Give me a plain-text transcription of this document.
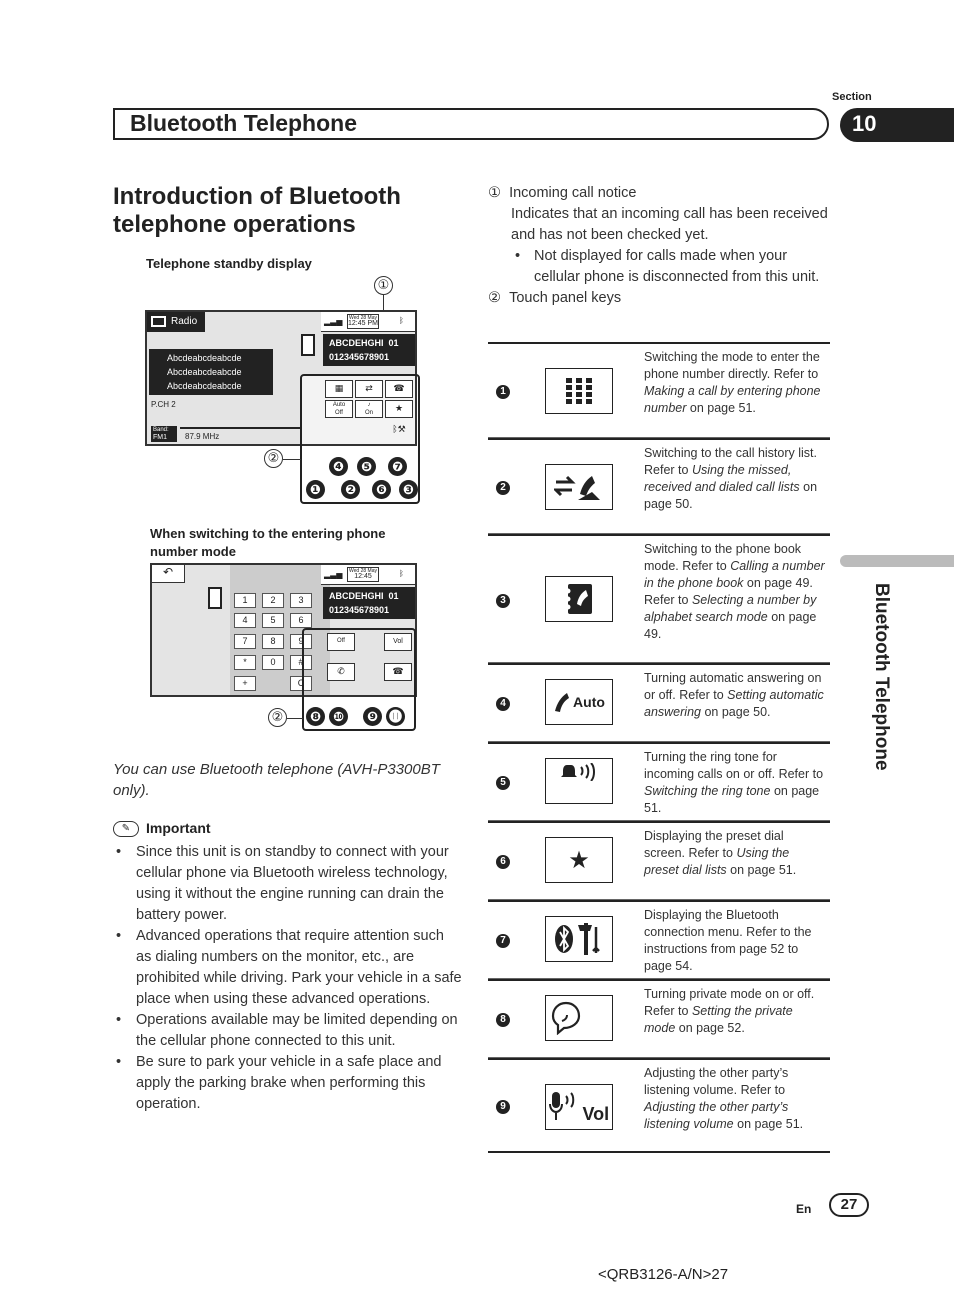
Section
Bluetooth Telephone	10
Bluetooth Telephone
Introduction of Bluetooth telephone operations
Telephone standby display
①
Radio
Abcdeabcdeabcde
Abcdeabcdeabcde
Abcdeabcdeabcde
P.CH 2
Band:
FM1	87.9 MHz
▂▃▅ Wed 28 May
12:45 PM	ᛒ
ABCDEHGHI 01
012345678901
▦	⇄	☎
Auto
Off
♪
On	★
ᛒ⚒
②
❶	❷	❻	❸
❹	❺	❼
When switching to the entering phone number mode
↶
1	2	3
4	5	6
7	8	9
*	0	#
+	C
▂▃▅ Wed 28 May
12:45	ᛒ
ABCDEHGHI 01
012345678901
Off	Vol
✆	☎
②	❽ ❿	❾ ⓫
You can use Bluetooth telephone (AVH-P3300BT only).
✎	Important
• Since this unit is on standby to connect with your cellular phone via Bluetooth wireless technology, using it without the engine running can drain the battery power.
• Advanced operations that require attention such as dialing numbers on the monitor, etc., are prohibited while driving. Park your vehicle in a safe place when using these advanced operations.
• Operations available may be limited depending on the cellular phone connected to this unit.
• Be sure to park your vehicle in a safe place and apply the parking brake when performing this operation.
① Incoming call notice
Indicates that an incoming call has been received and has not been checked yet.
• Not displayed for calls made when your cellular phone is disconnected from this unit.
② Touch panel keys
1
Switching the mode to enter the phone number directly. Refer to Making a call by entering phone number on page 51.
2
Switching to the call history list. Refer to Using the missed, received and dialed call lists on page 50.
3
Switching to the phone book mode. Refer to Calling a number in the phone book on page 49. Refer to Selecting a number by alphabet search mode on page 49.
4	Auto
Turning automatic answering on or off. Refer to Setting automatic answering on page 50.
5
Turning the ring tone for incoming calls on or off. Refer to Switching the ring tone on page 51.
6	★
Displaying the preset dial screen. Refer to Using the preset dial lists on page 51.
7
Displaying the Bluetooth connection menu. Refer to the instructions from page 52 to page 54.
8
Turning private mode on or off. Refer to Setting the private mode on page 52.
9	Vol
Adjusting the other party’s listening volume. Refer to Adjusting the other party’s listening volume on page 51.
En	27
<QRB3126-A/N>27
